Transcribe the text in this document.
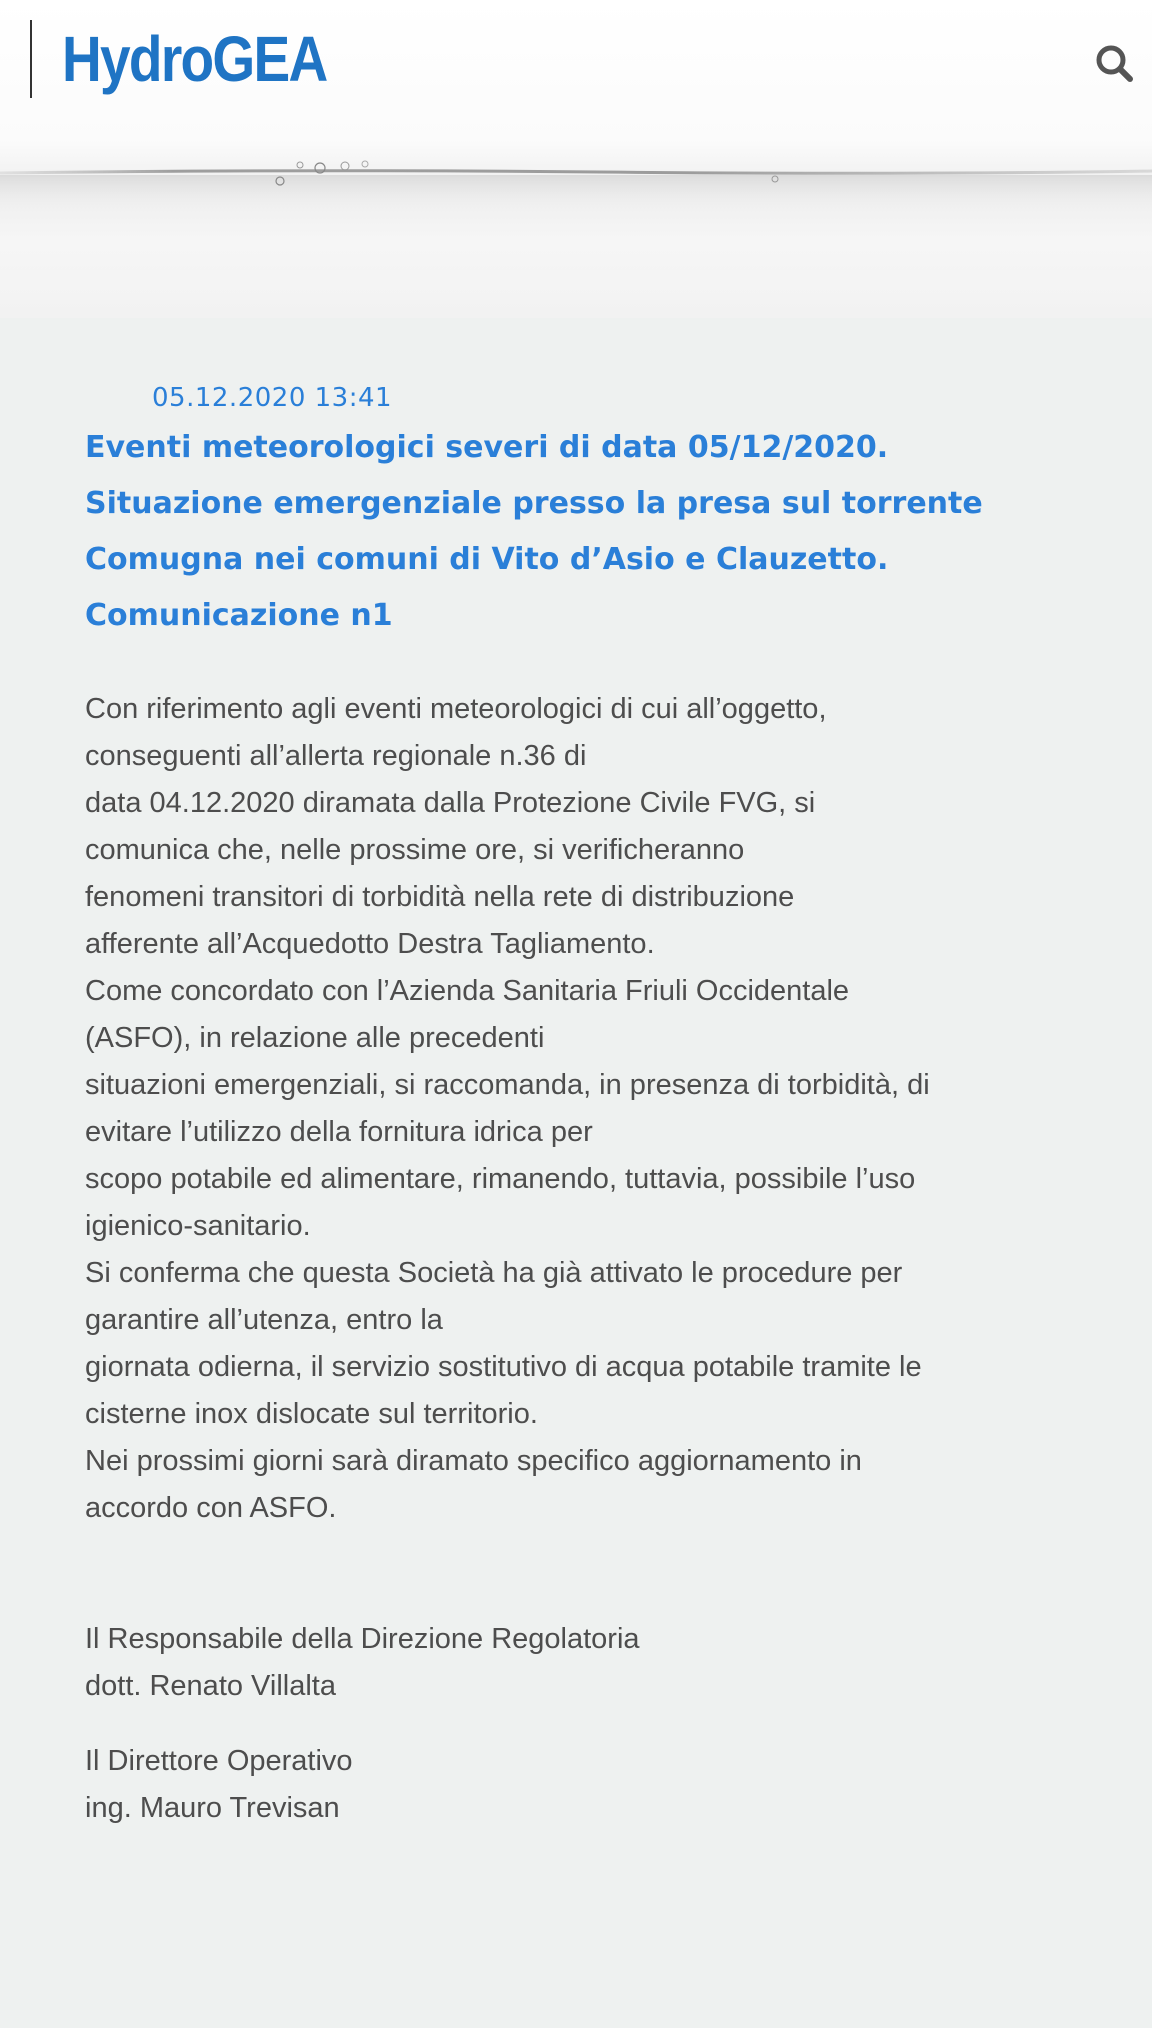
HydroGEA
05.12.2020 13:41
Eventi meteorologici severi di data 05/12/2020. Situazione emergenziale presso la presa sul torrente Comugna nei comuni di Vito d’Asio e Clauzetto. Comunicazione n1
Con riferimento agli eventi meteorologici di cui all’oggetto,
conseguenti all’allerta regionale n.36 di
data 04.12.2020 diramata dalla Protezione Civile FVG, si
comunica che, nelle prossime ore, si verificheranno
fenomeni transitori di torbidità nella rete di distribuzione
afferente all’Acquedotto Destra Tagliamento.
Come concordato con l’Azienda Sanitaria Friuli Occidentale
(ASFO), in relazione alle precedenti
situazioni emergenziali, si raccomanda, in presenza di torbidità, di
evitare l’utilizzo della fornitura idrica per
scopo potabile ed alimentare, rimanendo, tuttavia, possibile l’uso
igienico-sanitario.
Si conferma che questa Società ha già attivato le procedure per
garantire all’utenza, entro la
giornata odierna, il servizio sostitutivo di acqua potabile tramite le
cisterne inox dislocate sul territorio.
Nei prossimi giorni sarà diramato specifico aggiornamento in
accordo con ASFO.
Il Responsabile della Direzione Regolatoria
dott. Renato Villalta
Il Direttore Operativo
ing. Mauro Trevisan
